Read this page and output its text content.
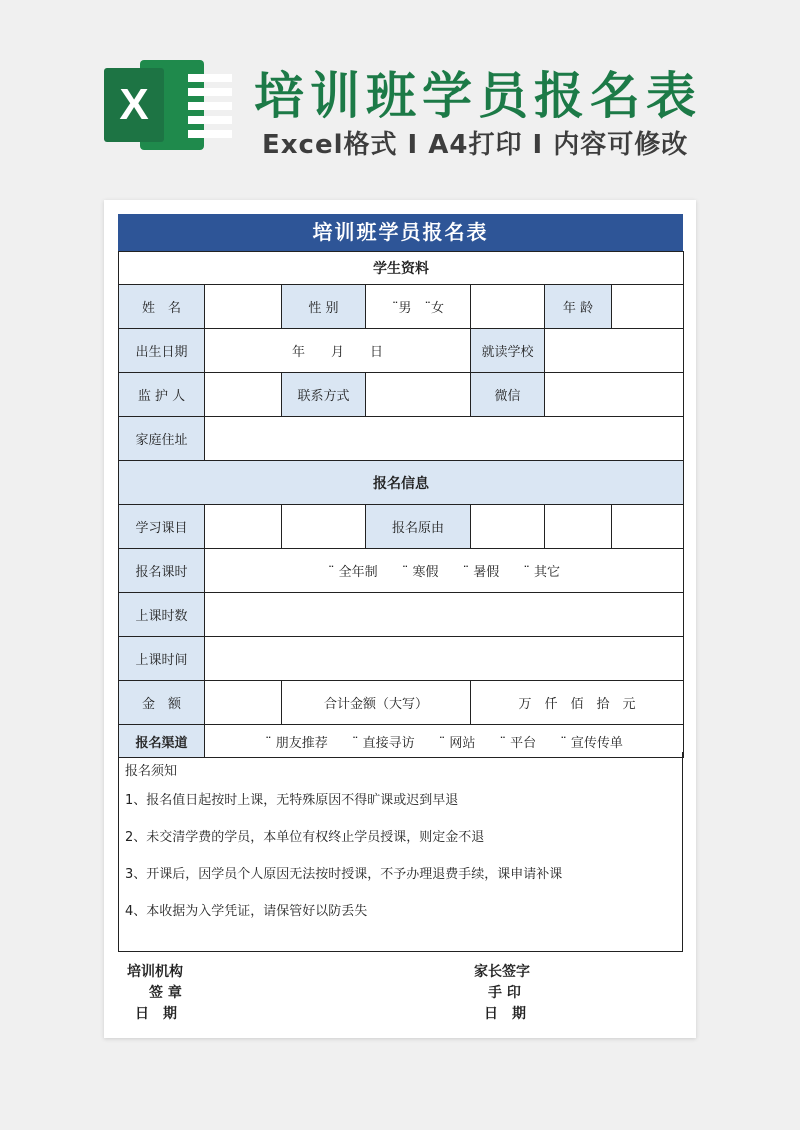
X	培训班学员报名表
Excel格式 I A4打印 I 内容可修改
培训班学员报名表
学生资料						
姓　名		性 别	¨男　¨女		年 龄	
出生日期	年　　月　　日			就读学校		
监 护 人		联系方式		微信		
家庭住址						
报名信息						
学习课目			报名原由			
报名课时	¨ 全年制 ¨ 寒假 ¨ 暑假 ¨ 其它					
上课时数						
上课时间						
金　额		合计金额（大写）		万　仟　佰　拾　元		
报名渠道	¨ 朋友推荐 ¨ 直接寻访 ¨ 网站 ¨ 平台 ¨ 宣传传单					

报名须知

1、报名值日起按时上课，无特殊原因不得旷课或迟到早退

2、未交清学费的学员，本单位有权终止学员授课，则定金不退

3、开课后，因学员个人原因无法按时授课，不予办理退费手续，课申请补课

4、本收据为入学凭证，请保管好以防丢失

培训机构
签 章
日　期
家长签字
手 印
日　期
